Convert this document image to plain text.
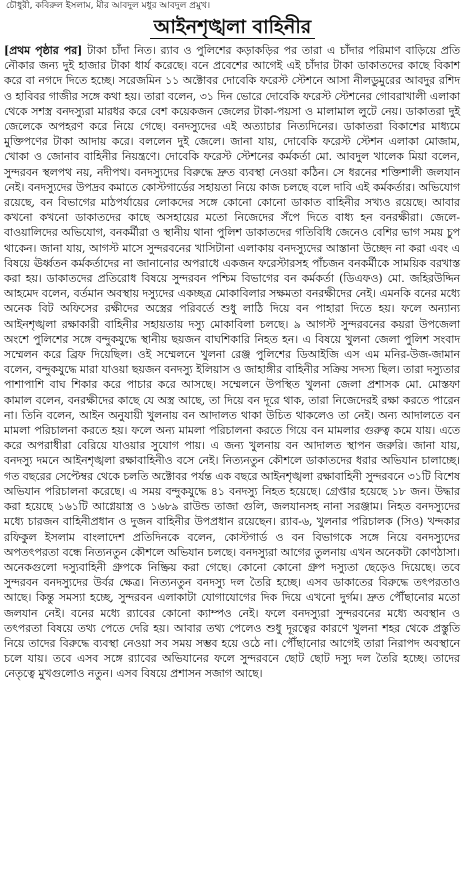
চৌধুরী, কবিরুল ইসলাম, মীর আবদুল মধুর আবদুল প্রমুখ।
আইনশৃঙ্খলা বাহিনীর

[প্রথম পৃষ্ঠার পর] টাকা চাঁদা নিত। র‍্যাব ও পুলিশের কড়াকড়ির পর তারা এ চাঁদার পরিমাণ বাড়িয়ে প্রতি নৌকার জন্য দুই হাজার টাকা ধার্য করেছে। বনে প্রবেশের আগেই এই চাঁদার টাকা ডাকাতদের কাছে বিকাশ করে বা নগদে দিতে হচ্ছে। সরেজমিন ১১ অক্টোবর দোবেকি ফরেস্ট স্টেশনে আসা নীলডুমুরের আবদুর রশিদ ও হাবিবর গাজীর সঙ্গে কথা হয়। তারা বলেন, ৩১ দিন ভোরে দোবেকি ফরেস্ট স্টেশনের গোবরাখালী এলাকা থেকে সশস্ত্র বনদস্যুরা মারধর করে বেশ কয়েকজন জেলের টাকা-পয়সা ও মালামাল লুটে নেয়। ডাকাতরা দুই জেলেকে অপহরণ করে নিয়ে গেছে। বনদস্যুদের এই অত্যাচার নিত্যদিনের। ডাকাতরা বিকাশের মাধ্যমে মুক্তিপণের টাকা আদায় করে। বললেন দুই জেলে। জানা যায়, দোবেকি ফরেস্ট স্টেশন এলাকা মোজাম, খোকা ও জোনাব বাহিনীর নিয়ন্ত্রণে। দোবেকি ফরেস্ট স্টেশনের কর্মকর্তা মো. আবদুল খালেক মিয়া বলেন, সুন্দরবন স্থলপথ নয়, নদীপথ। বনদস্যুদের বিরুদ্ধে দ্রুত ব্যবস্থা নেওয়া কঠিন। সে ধরনের শক্তিশালী জলযান নেই। বনদস্যুদের উপদ্রব কমাতে কোস্টগার্ডের সহায়তা নিয়ে কাজ চলছে বলে দাবি এই কর্মকর্তার। অভিযোগ রয়েছে, বন বিভাগের মাঠপর্যায়ের লোকদের সঙ্গে কোনো কোনো ডাকাত বাহিনীর সখ্যও রয়েছে। আবার কখনো কখনো ডাকাতদের কাছে অসহায়ের মতো নিজেদের সঁপে দিতে বাধ্য হন বনরক্ষীরা। জেলে-বাওয়ালিদের অভিযোগ, বনকর্মীরা ও স্থানীয় থানা পুলিশ ডাকাতদের গতিবিধি জেনেও বেশির ভাগ সময় চুপ থাকেন। জানা যায়, আগস্ট মাসে সুন্দরবনের খাসিটানা এলাকায় বনদস্যুদের আস্তানা উচ্ছেদ না করা এবং এ বিষয়ে ঊর্ধ্বতন কর্মকর্তাদের না জানানোর অপরাধে একজন ফরেস্টারসহ পাঁচজন বনকর্মীকে সাময়িক বরখাস্ত করা হয়। ডাকাতদের প্রতিরোধ বিষয়ে সুন্দরবন পশ্চিম বিভাগের বন কর্মকর্তা (ডিএফও) মো. জহিরউদ্দিন আহমেদ বলেন, বর্তমান অবস্থায় দস্যুদের একচ্ছত্র মোকাবিলার সক্ষমতা বনরক্ষীদের নেই। এমনকি বনের মধ্যে অনেক বিট অফিসের রক্ষীদের অস্ত্রের পরিবর্তে শুধু লাঠি দিয়ে বন পাহারা দিতে হয়। ফলে অন্যান্য আইনশৃঙ্খলা রক্ষাকারী বাহিনীর সহায়তায় দস্যু মোকাবিলা চলছে। ৯ আগস্ট সুন্দরবনের কয়রা উপজেলা অংশে পুলিশের সঙ্গে বন্দুকযুদ্ধে স্থানীয় ছয়জন বাঘশিকারি নিহত হন। এ বিষয়ে খুলনা জেলা পুলিশ সংবাদ সম্মেলন করে ব্রিফ দিয়েছিল। ওই সম্মেলনে খুলনা রেঞ্জ পুলিশের ডিআইজি এস এম মনির-উজ-জামান বলেন, বন্দুকযুদ্ধে মারা যাওয়া ছয়জন বনদস্যু ইলিয়াস ও জাহাঙ্গীর বাহিনীর সক্রিয় সদস্য ছিল। তারা দস্যুতার পাশাপাশি বাঘ শিকার করে পাচার করে আসছে। সম্মেলনে উপস্থিত খুলনা জেলা প্রশাসক মো. মোস্তফা কামাল বলেন, বনরক্ষীদের কাছে যে অস্ত্র আছে, তা দিয়ে বন দূরে থাক, তারা নিজেদেরই রক্ষা করতে পারেন না। তিনি বলেন, আইন অনুযায়ী খুলনায় বন আদালত থাকা উচিত থাকলেও তা নেই। অন্য আদালতে বন মামলা পরিচালনা করতে হয়। ফলে অন্য মামলা পরিচালনা করতে গিয়ে বন মামলার গুরুত্ব কমে যায়। এতে করে অপরাধীরা বেরিয়ে যাওয়ার সুযোগ পায়। এ জন্য খুলনায় বন আদালত স্থাপন জরুরি। জানা যায়, বনদস্যু দমনে আইনশৃঙ্খলা রক্ষাবাহিনীও বসে নেই। নিত্যনতুন কৌশলে ডাকাতদের ধরার অভিযান চালাচ্ছে। গত বছরের সেপ্টেম্বর থেকে চলতি অক্টোবর পর্যন্ত এক বছরে আইনশৃঙ্খলা রক্ষাবাহিনী সুন্দরবনে ৩১টি বিশেষ অভিযান পরিচালনা করেছে। এ সময় বন্দুকযুদ্ধে ৪১ বনদস্যু নিহত হয়েছে। গ্রেপ্তার হয়েছে ১৮ জন। উদ্ধার করা হয়েছে ১৬১টি আগ্নেয়াস্ত্র ও ১৬৮৯ রাউন্ড তাজা গুলি, জলযানসহ নানা সরঞ্জাম। নিহত বনদস্যুদের মধ্যে চারজন বাহিনীপ্রধান ও দুজন বাহিনীর উপপ্রধান রয়েছেন। র‍্যাব-৬, খুলনার পরিচালক (সিও) খন্দকার রফিকুল ইসলাম বাংলাদেশ প্রতিদিনকে বলেন, কোস্টগার্ড ও বন বিভাগকে সঙ্গে নিয়ে বনদস্যুদের অপতৎপরতা বন্ধে নিত্যনতুন কৌশলে অভিযান চলছে। বনদস্যুরা আগের তুলনায় এখন অনেকটা কোণঠাসা। অনেকগুলো দস্যুবাহিনী গ্রুপকে নিষ্ক্রিয় করা গেছে। কোনো কোনো গ্রুপ দস্যুতা ছেড়েও দিয়েছে। তবে সুন্দরবন বনদস্যুদের উর্বর ক্ষেত্র। নিত্যনতুন বনদস্যু দল তৈরি হচ্ছে। এসব ডাকাতের বিরুদ্ধে তৎপরতাও আছে। কিন্তু সমস্যা হচ্ছে, সুন্দরবন এলাকাটা যোগাযোগের দিক দিয়ে এখনো দুর্গম। দ্রুত পৌঁছানোর মতো জলযান নেই। বনের মধ্যে র‍্যাবের কোনো ক্যাম্পও নেই। ফলে বনদস্যুরা সুন্দরবনের মধ্যে অবস্থান ও তৎপরতা বিষয়ে তথ্য পেতে দেরি হয়। আবার তথ্য পেলেও শুধু দূরত্বের কারণে খুলনা শহর থেকে প্রস্তুতি নিয়ে তাদের বিরুদ্ধে ব্যবস্থা নেওয়া সব সময় সম্ভব হয়ে ওঠে না। পৌঁছানোর আগেই তারা নিরাপদ অবস্থানে চলে যায়। তবে এসব সঙ্গে র‍্যাবের অভিযানের ফলে সুন্দরবনে ছোট ছোট দস্যু দল তৈরি হচ্ছে। তাদের নেতৃত্বে মুখগুলোও নতুন। এসব বিষয়ে প্রশাসন সজাগ আছে।
